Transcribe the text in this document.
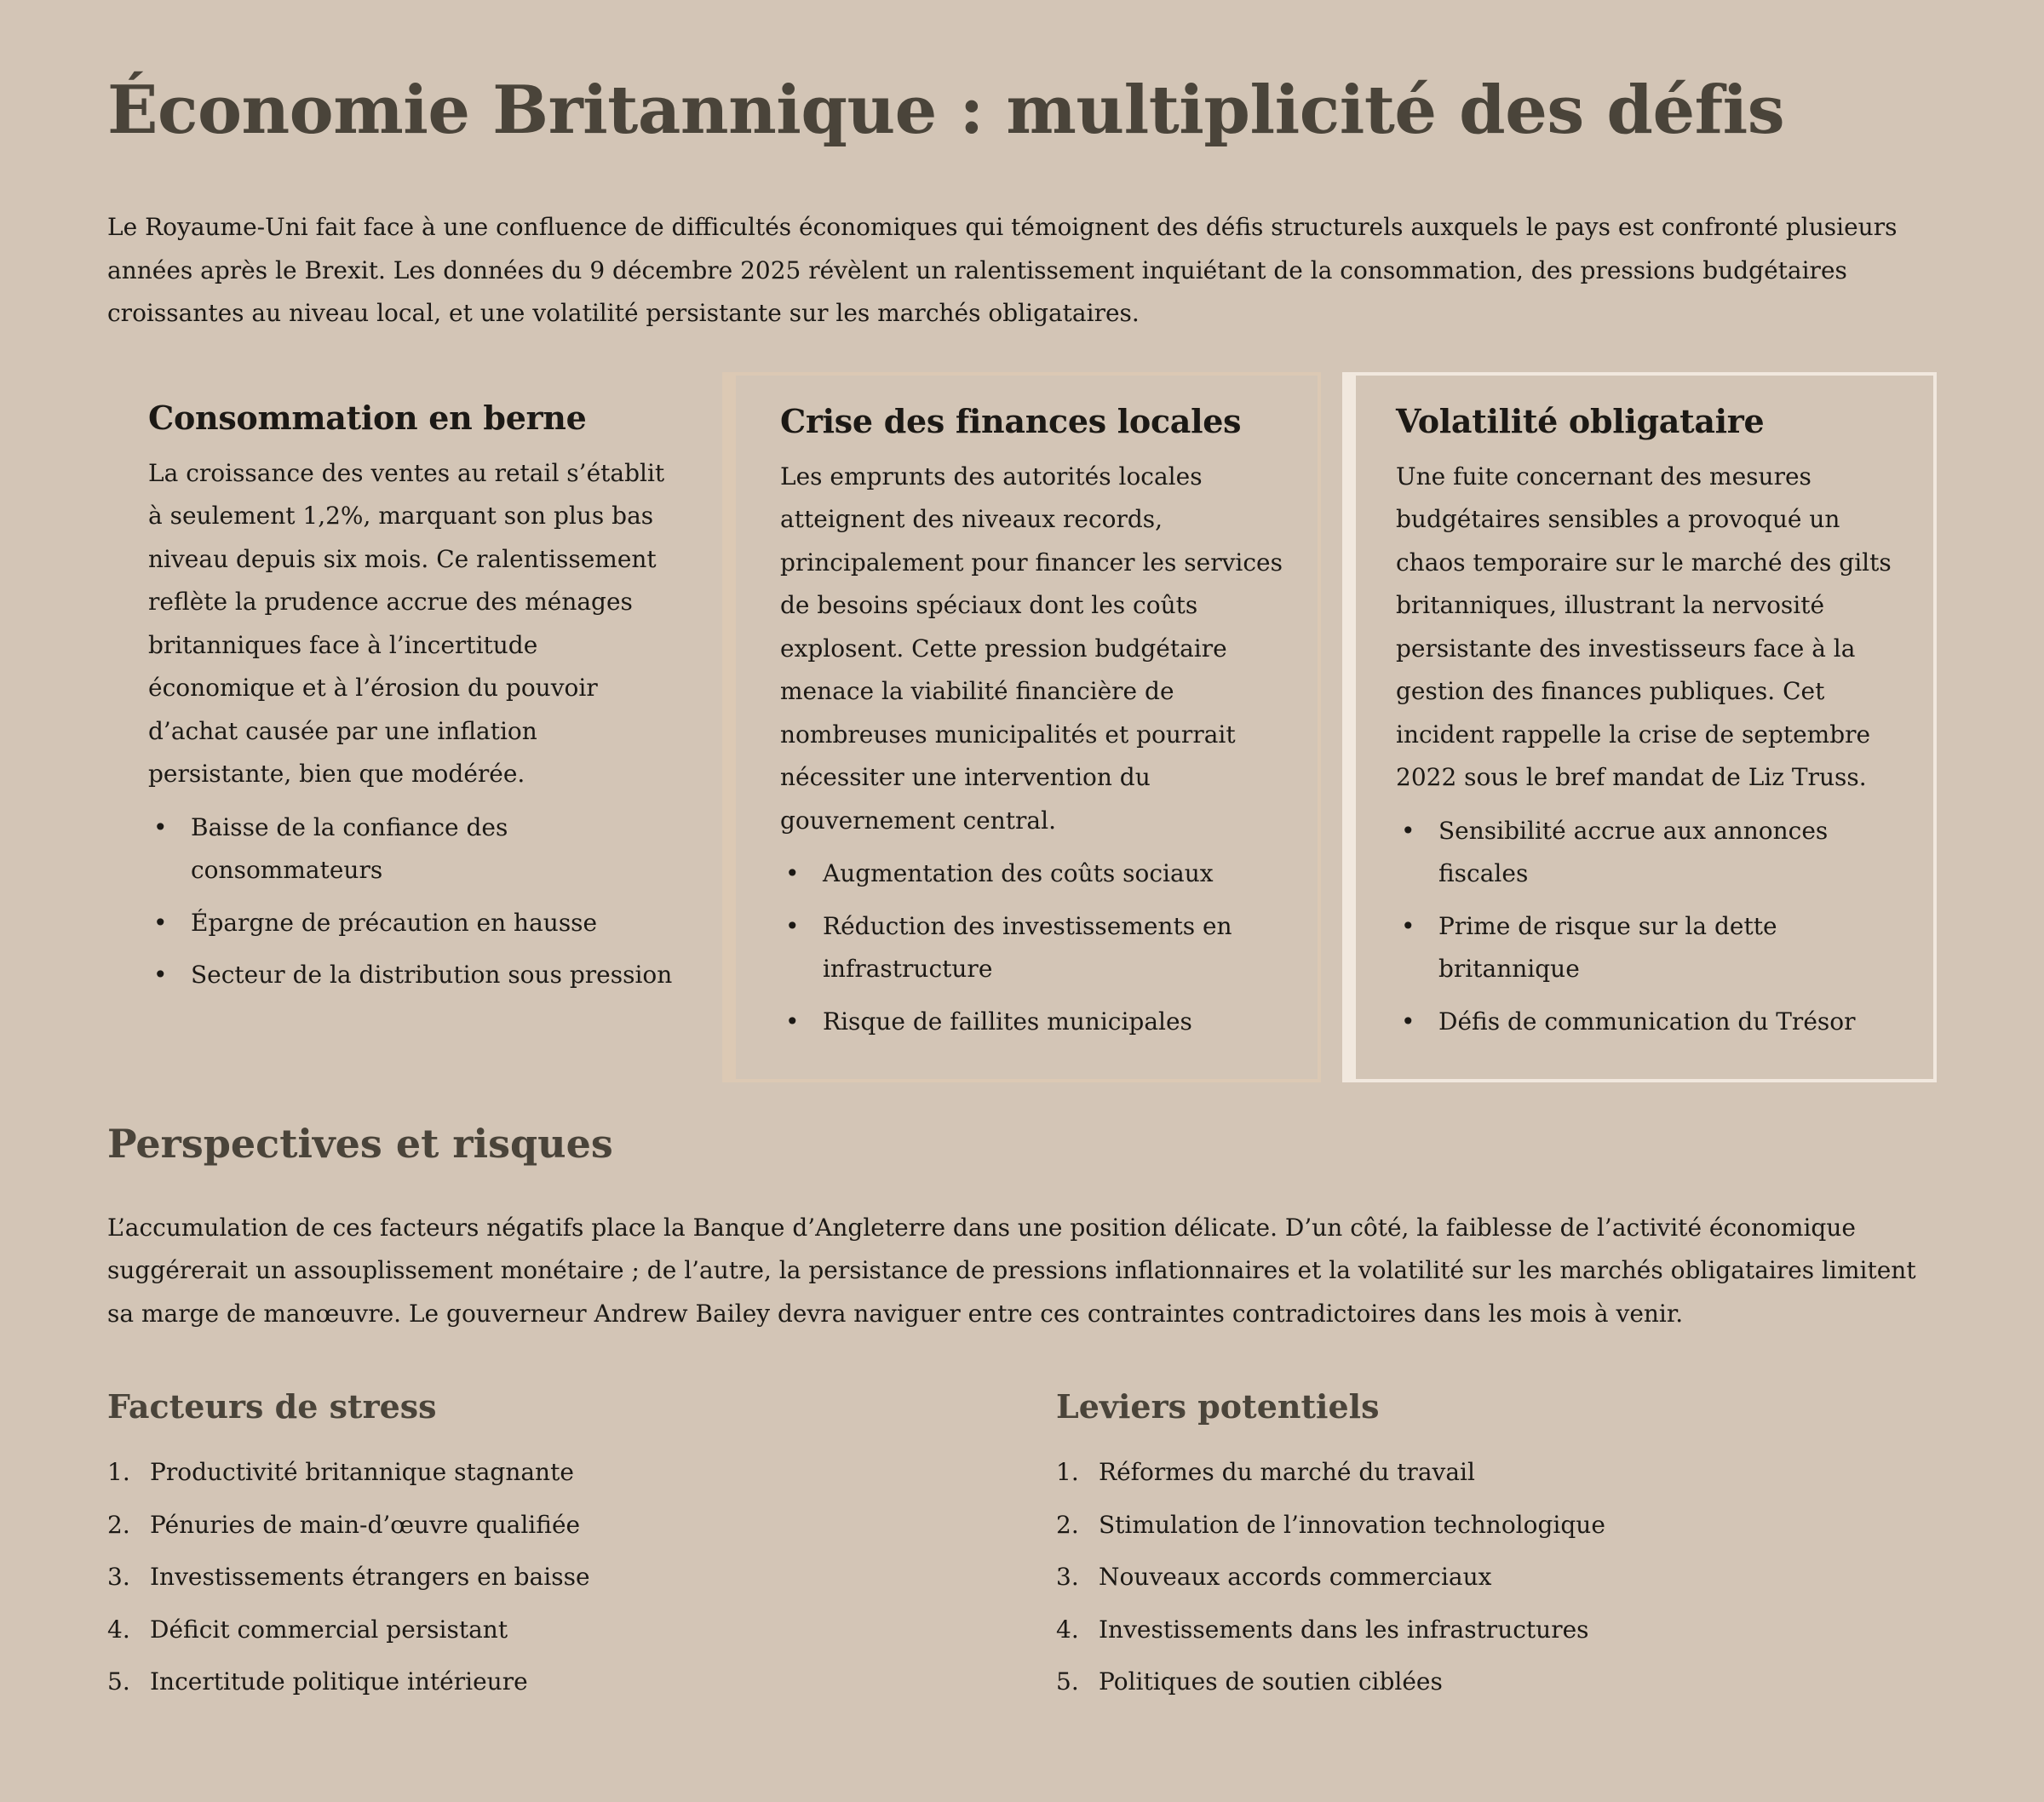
Économie Britannique : multiplicité des défis

Le Royaume-Uni fait face à une confluence de difficultés économiques qui témoignent des défis structurels auxquels le pays est confronté plusieurs années après le Brexit. Les données du 9 décembre 2025 révèlent un ralentissement inquiétant de la consommation, des pressions budgétaires croissantes au niveau local, et une volatilité persistante sur les marchés obligataires.

Consommation en berne

La croissance des ventes au retail s’établit à seulement 1,2%, marquant son plus bas niveau depuis six mois. Ce ralentissement reflète la prudence accrue des ménages britanniques face à l’incertitude économique et à l’érosion du pouvoir d’achat causée par une inflation persistante, bien que modérée.

• Baisse de la confiance des consommateurs
• Épargne de précaution en hausse
• Secteur de la distribution sous pression
Crise des finances locales

Les emprunts des autorités locales atteignent des niveaux records, principalement pour financer les services de besoins spéciaux dont les coûts explosent. Cette pression budgétaire menace la viabilité financière de nombreuses municipalités et pourrait nécessiter une intervention du gouvernement central.

• Augmentation des coûts sociaux
• Réduction des investissements en infrastructure
• Risque de faillites municipales
Volatilité obligataire

Une fuite concernant des mesures budgétaires sensibles a provoqué un chaos temporaire sur le marché des gilts britanniques, illustrant la nervosité persistante des investisseurs face à la gestion des finances publiques. Cet incident rappelle la crise de septembre 2022 sous le bref mandat de Liz Truss.

• Sensibilité accrue aux annonces fiscales
• Prime de risque sur la dette britannique
• Défis de communication du Trésor
Perspectives et risques

L’accumulation de ces facteurs négatifs place la Banque d’Angleterre dans une position délicate. D’un côté, la faiblesse de l’activité économique suggérerait un assouplissement monétaire ; de l’autre, la persistance de pressions inflationnaires et la volatilité sur les marchés obligataires limitent sa marge de manœuvre. Le gouverneur Andrew Bailey devra naviguer entre ces contraintes contradictoires dans les mois à venir.

Facteurs de stress
1. Productivité britannique stagnante
2. Pénuries de main-d’œuvre qualifiée
3. Investissements étrangers en baisse
4. Déficit commercial persistant
5. Incertitude politique intérieure
Leviers potentiels
1. Réformes du marché du travail
2. Stimulation de l’innovation technologique
3. Nouveaux accords commerciaux
4. Investissements dans les infrastructures
5. Politiques de soutien ciblées
